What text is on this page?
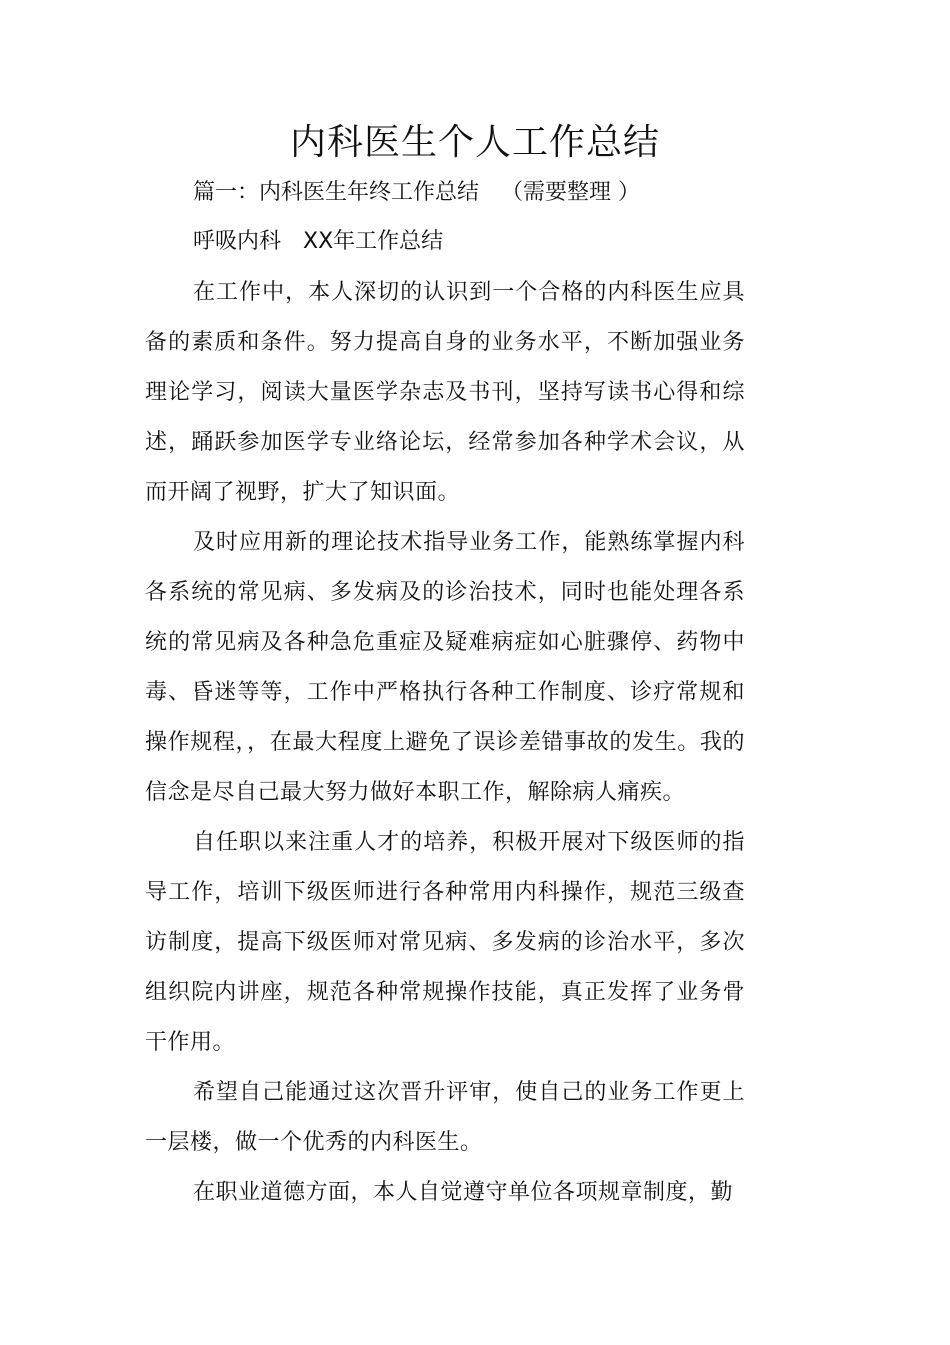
内科医生个人工作总结
篇一：内科医生年终工作总结 （需要整理 ）
呼吸内科 XX年工作总结

在工作中，本人深切的认识到一个合格的内科医生应具备的素质和条件。努力提高自身的业务水平，不断加强业务理论学习，阅读大量医学杂志及书刊，坚持写读书心得和综述，踊跃参加医学专业络论坛，经常参加各种学术会议，从而开阔了视野，扩大了知识面。

及时应用新的理论技术指导业务工作，能熟练掌握内科各系统的常见病、多发病及的诊治技术，同时也能处理各系统的常见病及各种急危重症及疑难病症如心脏骤停、药物中毒、昏迷等等，工作中严格执行各种工作制度、诊疗常规和操作规程，，在最大程度上避免了误诊差错事故的发生。我的信念是尽自己最大努力做好本职工作，解除病人痛疾。

自任职以来注重人才的培养，积极开展对下级医师的指导工作，培训下级医师进行各种常用内科操作，规范三级查访制度，提高下级医师对常见病、多发病的诊治水平，多次组织院内讲座，规范各种常规操作技能，真正发挥了业务骨干作用。

希望自己能通过这次晋升评审，使自己的业务工作更上一层楼，做一个优秀的内科医生。

在职业道德方面，本人自觉遵守单位各项规章制度，勤
